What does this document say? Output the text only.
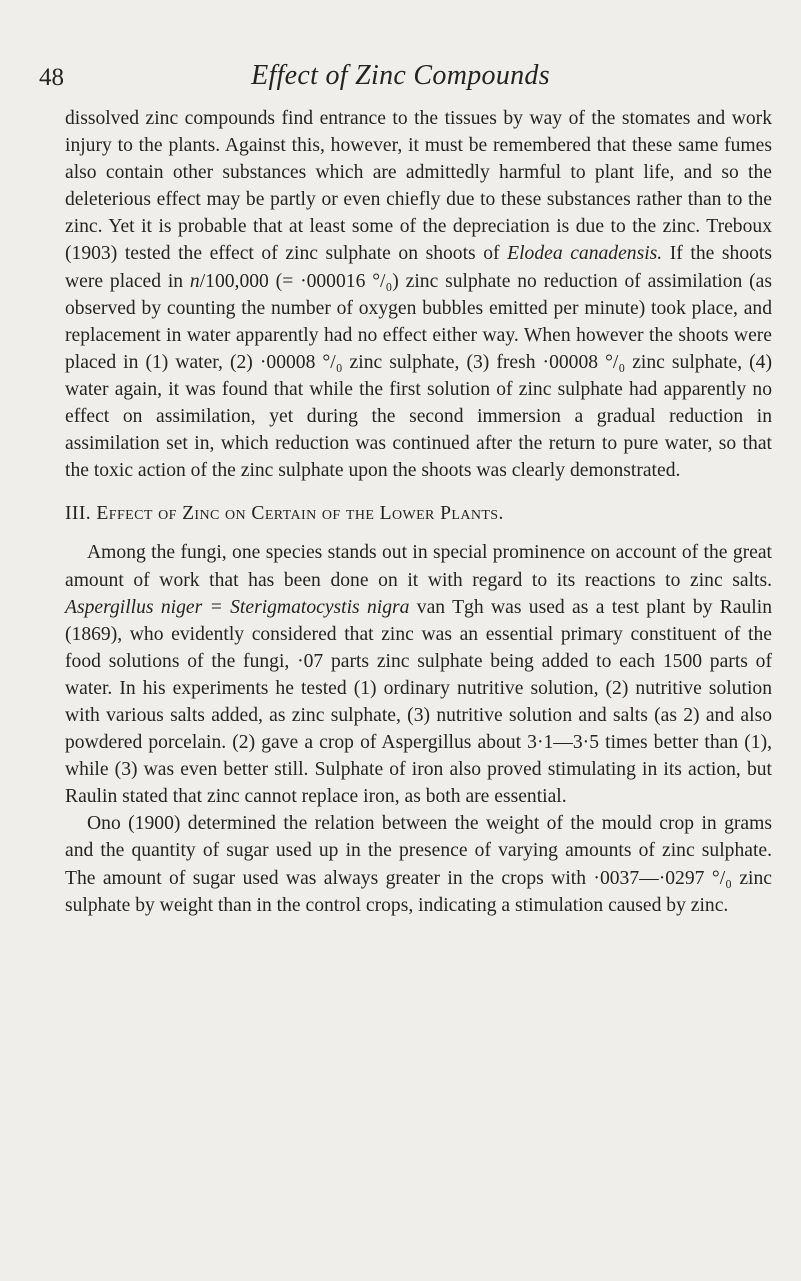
48	Effect of Zinc Compounds

dissolved zinc compounds find entrance to the tissues by way of the stomates and work injury to the plants. Against this, however, it must be remembered that these same fumes also contain other substances which are admittedly harmful to plant life, and so the deleterious effect may be partly or even chiefly due to these substances rather than to the zinc. Yet it is probable that at least some of the depreciation is due to the zinc. Treboux (1903) tested the effect of zinc sulphate on shoots of Elodea canadensis. If the shoots were placed in n/100,000 (= ·000016 °/₀) zinc sulphate no reduction of assimilation (as observed by counting the number of oxygen bubbles emitted per minute) took place, and replacement in water apparently had no effect either way. When however the shoots were placed in (1) water, (2) ·00008 °/₀ zinc sulphate, (3) fresh ·00008 °/₀ zinc sulphate, (4) water again, it was found that while the first solution of zinc sulphate had apparently no effect on assimilation, yet during the second immersion a gradual reduction in assimilation set in, which reduction was continued after the return to pure water, so that the toxic action of the zinc sulphate upon the shoots was clearly demonstrated.

III. Effect of Zinc on Certain of the Lower Plants.

Among the fungi, one species stands out in special prominence on account of the great amount of work that has been done on it with regard to its reactions to zinc salts. Aspergillus niger = Sterigmatocystis nigra van Tgh was used as a test plant by Raulin (1869), who evidently considered that zinc was an essential primary constituent of the food solutions of the fungi, ·07 parts zinc sulphate being added to each 1500 parts of water. In his experiments he tested (1) ordinary nutritive solution, (2) nutritive solution with various salts added, as zinc sulphate, (3) nutritive solution and salts (as 2) and also powdered porcelain. (2) gave a crop of Aspergillus about 3·1—3·5 times better than (1), while (3) was even better still. Sulphate of iron also proved stimulating in its action, but Raulin stated that zinc cannot replace iron, as both are essential.

Ono (1900) determined the relation between the weight of the mould crop in grams and the quantity of sugar used up in the presence of varying amounts of zinc sulphate. The amount of sugar used was always greater in the crops with ·0037—·0297 °/₀ zinc sulphate by weight than in the control crops, indicating a stimulation caused by zinc.
